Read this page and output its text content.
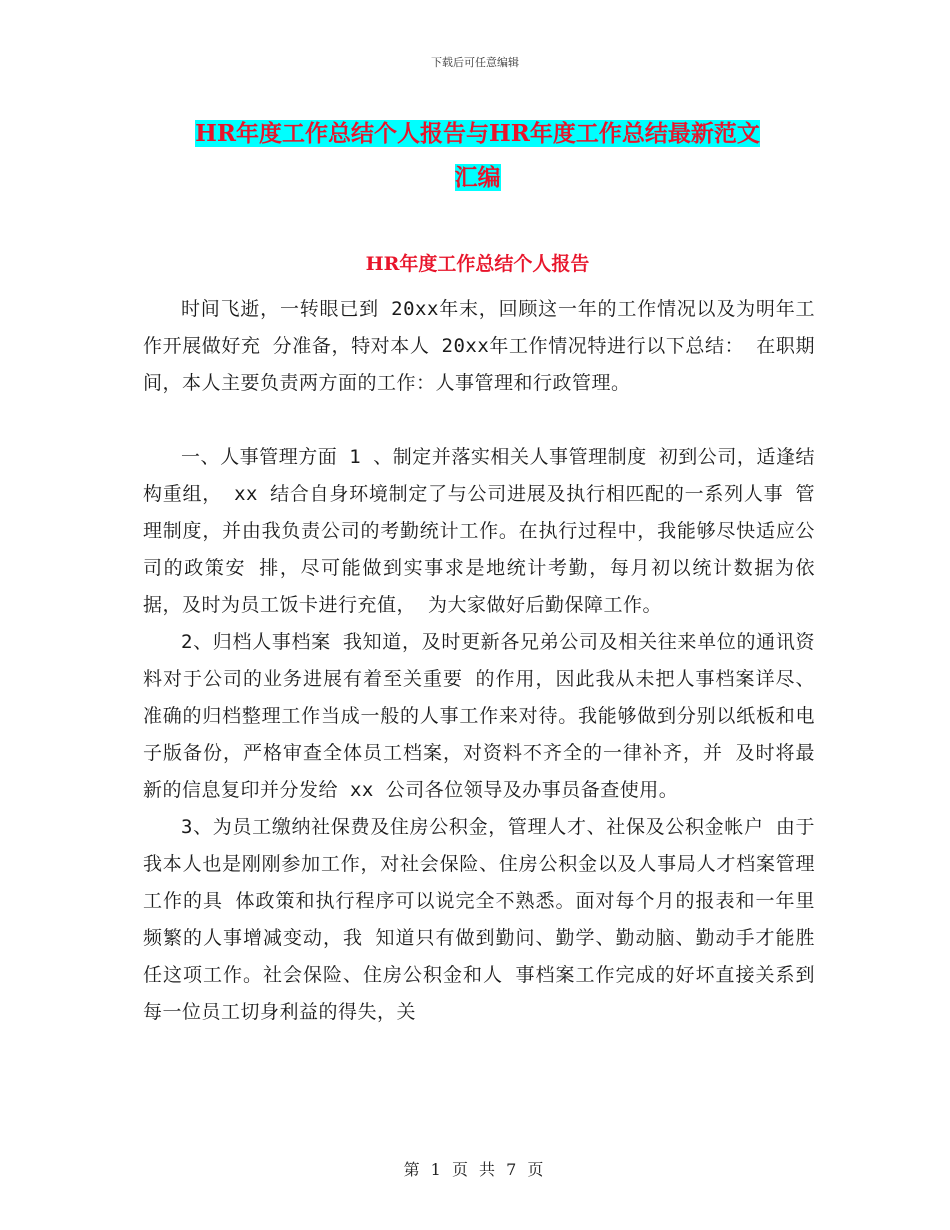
下载后可任意编辑
HR年度工作总结个人报告与HR年度工作总结最新范文
汇编
HR年度工作总结个人报告

时间飞逝，一转眼已到 20xx年末，回顾这一年的工作情况以及为明年工作开展做好充 分准备，特对本人 20xx年工作情况特进行以下总结： 在职期间，本人主要负责两方面的工作：人事管理和行政管理。

一、人事管理方面 1 、制定并落实相关人事管理制度 初到公司，适逢结构重组， xx 结合自身环境制定了与公司进展及执行相匹配的一系列人事 管理制度，并由我负责公司的考勤统计工作。在执行过程中，我能够尽快适应公司的政策安 排，尽可能做到实事求是地统计考勤，每月初以统计数据为依据，及时为员工饭卡进行充值， 为大家做好后勤保障工作。

2、归档人事档案 我知道，及时更新各兄弟公司及相关往来单位的通讯资料对于公司的业务进展有着至关重要 的作用，因此我从未把人事档案详尽、准确的归档整理工作当成一般的人事工作来对待。我能够做到分别以纸板和电子版备份，严格审查全体员工档案，对资料不齐全的一律补齐，并 及时将最新的信息复印并分发给 xx 公司各位领导及办事员备查使用。

3、为员工缴纳社保费及住房公积金，管理人才、社保及公积金帐户 由于我本人也是刚刚参加工作，对社会保险、住房公积金以及人事局人才档案管理工作的具 体政策和执行程序可以说完全不熟悉。面对每个月的报表和一年里频繁的人事增减变动，我 知道只有做到勤问、勤学、勤动脑、勤动手才能胜任这项工作。社会保险、住房公积金和人 事档案工作完成的好坏直接关系到每一位员工切身利益的得失，关

第 1 页 共 7 页
